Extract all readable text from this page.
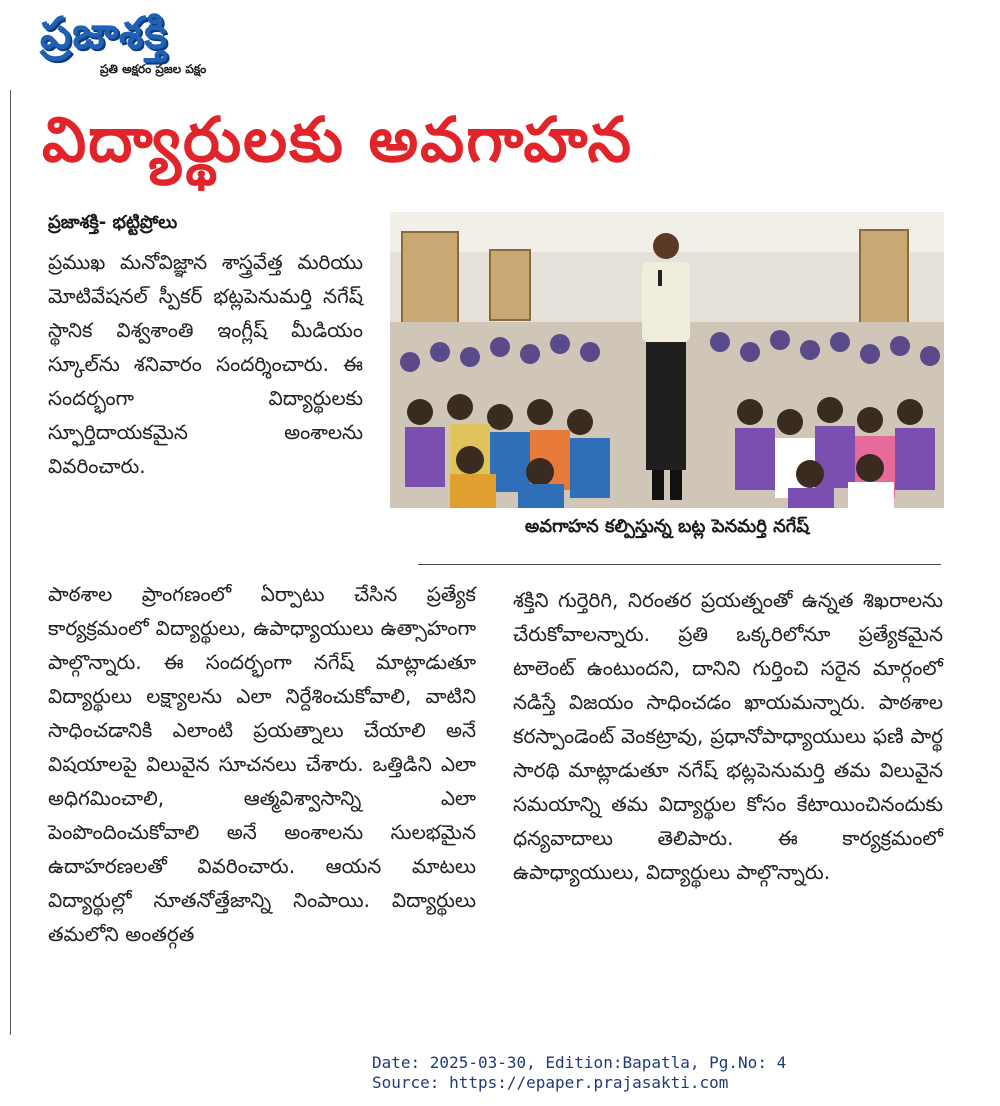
ప్రజాశక్తి
ప్రతి అక్షరం ప్రజల పక్షం
విద్యార్థులకు అవగాహన
ప్రజాశక్తి- భట్టిప్రోలు

ప్రముఖ మనోవిజ్ఞాన శాస్త్రవేత్త మరియు మోటివేషనల్ స్పీకర్ భట్లపెనుమర్తి నగేష్ స్థానిక విశ్వశాంతి ఇంగ్లీష్ మీడియం స్కూల్‌ను శనివారం సందర్శించారు. ఈ సందర్భంగా విద్యార్థులకు స్ఫూర్తిదాయకమైన అంశాలను వివరించారు.

అవగాహన కల్పిస్తున్న బట్ల పెనమర్తి నగేష్

పాఠశాల ప్రాంగణంలో ఏర్పాటు చేసిన ప్రత్యేక కార్యక్రమంలో విద్యార్థులు, ఉపాధ్యాయులు ఉత్సాహంగా పాల్గొన్నారు. ఈ సందర్భంగా నగేష్ మాట్లాడుతూ విద్యార్థులు లక్ష్యాలను ఎలా నిర్దేశించుకోవాలి, వాటిని సాధించడానికి ఎలాంటి ప్రయత్నాలు చేయాలి అనే విషయాలపై విలువైన సూచనలు చేశారు. ఒత్తిడిని ఎలా అధిగమించాలి, ఆత్మవిశ్వాసాన్ని ఎలా పెంపొందించుకోవాలి అనే అంశాలను సులభమైన ఉదాహరణలతో వివరించారు. ఆయన మాటలు విద్యార్థుల్లో నూతనోత్తేజాన్ని నింపాయి. విద్యార్థులు తమలోని అంతర్గత

శక్తిని గుర్తెరిగి, నిరంతర ప్రయత్నంతో ఉన్నత శిఖరాలను చేరుకోవాలన్నారు. ప్రతి ఒక్కరిలోనూ ప్రత్యేకమైన టాలెంట్ ఉంటుందని, దానిని గుర్తించి సరైన మార్గంలో నడిస్తే విజయం సాధించడం ఖాయమన్నారు. పాఠశాల కరస్పాండెంట్ వెంకట్రావు, ప్రధానోపాధ్యాయులు ఫణి పార్థ సారథి మాట్లాడుతూ నగేష్ భట్లపెనుమర్తి తమ విలువైన సమయాన్ని తమ విద్యార్థుల కోసం కేటాయించినందుకు ధన్యవాదాలు తెలిపారు. ఈ కార్యక్రమంలో ఉపాధ్యాయులు, విద్యార్థులు పాల్గొన్నారు.

Date: 2025-03-30, Edition:Bapatla, Pg.No: 4
Source: https://epaper.prajasakti.com
